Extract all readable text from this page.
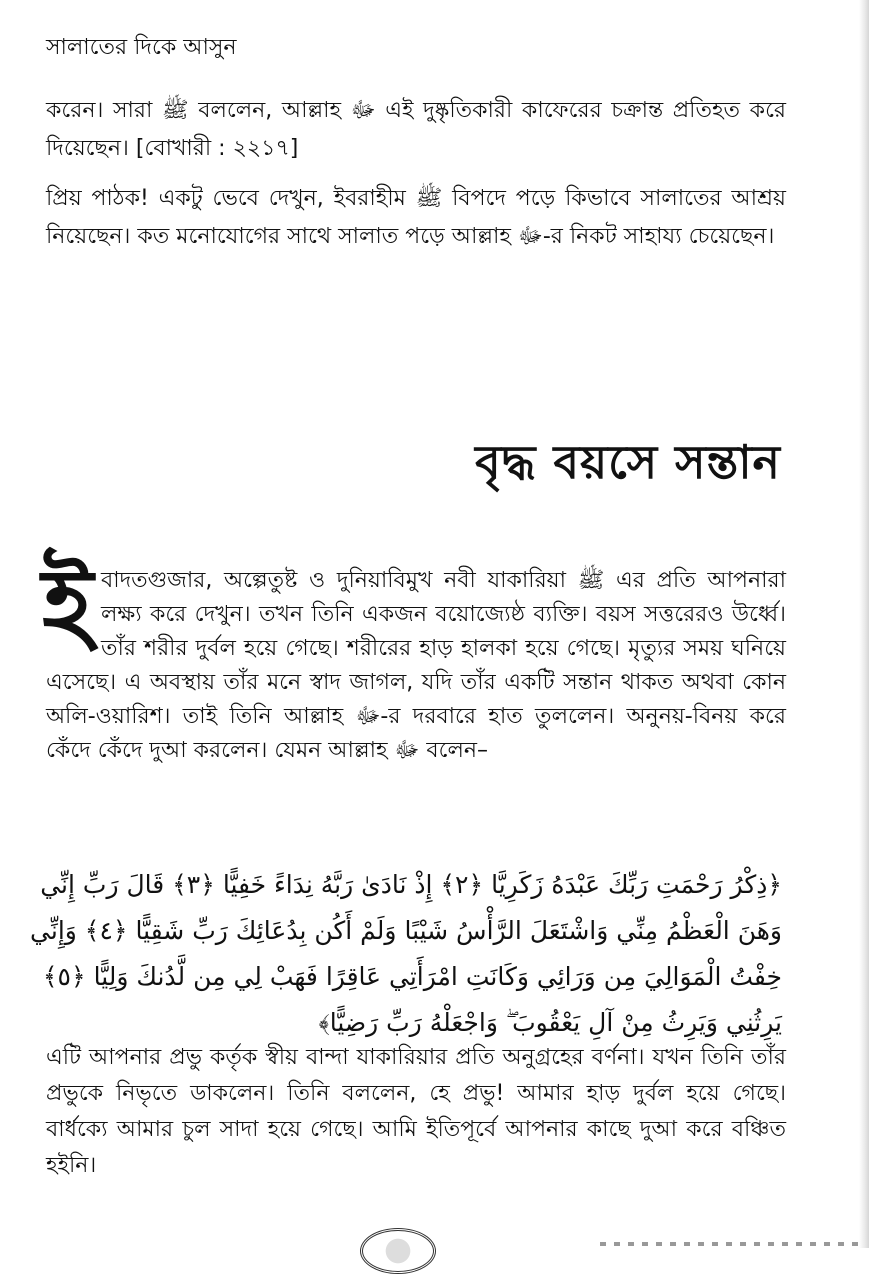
সালাতের দিকে আসুন

করেন। সারা ﷺ বললেন, আল্লাহ ﷻ এই দুষ্কৃতিকারী কাফেরের চক্রান্ত প্রতিহত করে দিয়েছেন। [বোখারী : ২২১৭]

প্রিয় পাঠক! একটু ভেবে দেখুন, ইবরাহীম ﷺ বিপদে পড়ে কিভাবে সালাতের আশ্রয় নিয়েছেন। কত মনোযোগের সাথে সালাত পড়ে আল্লাহ ﷻ-র নিকট সাহায্য চেয়েছেন।

বৃদ্ধ বয়সে সন্তান
ই বাদতগুজার, অল্পেতুষ্ট ও দুনিয়াবিমুখ নবী যাকারিয়া ﷺ এর প্রতি আপনারা লক্ষ্য করে দেখুন। তখন তিনি একজন বয়োজ্যেষ্ঠ ব্যক্তি। বয়স সত্তরেরও উর্ধ্বে। তাঁর শরীর দুর্বল হয়ে গেছে। শরীরের হাড় হালকা হয়ে গেছে। মৃত্যুর সময় ঘনিয়ে এসেছে। এ অবস্থায় তাঁর মনে স্বাদ জাগল, যদি তাঁর একটি সন্তান থাকত অথবা কোন অলি-ওয়ারিশ। তাই তিনি আল্লাহ ﷻ-র দরবারে হাত তুললেন। অনুনয়-বিনয় করে কেঁদে কেঁদে দুআ করলেন। যেমন আল্লাহ ﷻ বলেন–
﴿ذِكْرُ رَحْمَتِ رَبِّكَ عَبْدَهُ زَكَرِيَّا ﴿٢﴾ إِذْ نَادَىٰ رَبَّهُ نِدَاءً خَفِيًّا ﴿٣﴾ قَالَ رَبِّ إِنِّي
وَهَنَ الْعَظْمُ مِنِّي وَاشْتَعَلَ الرَّأْسُ شَيْبًا وَلَمْ أَكُن بِدُعَائِكَ رَبِّ شَقِيًّا ﴿٤﴾ وَإِنِّي
خِفْتُ الْمَوَالِيَ مِن وَرَائِي وَكَانَتِ امْرَأَتِي عَاقِرًا فَهَبْ لِي مِن لَّدُنكَ وَلِيًّا ﴿٥﴾
يَرِثُنِي وَيَرِثُ مِنْ آلِ يَعْقُوبَ ۖ وَاجْعَلْهُ رَبِّ رَضِيًّا﴾
এটি আপনার প্রভু কর্তৃক স্বীয় বান্দা যাকারিয়ার প্রতি অনুগ্রহের বর্ণনা। যখন তিনি তাঁর প্রভুকে নিভৃতে ডাকলেন। তিনি বললেন, হে প্রভু! আমার হাড় দুর্বল হয়ে গেছে। বার্ধক্যে আমার চুল সাদা হয়ে গেছে। আমি ইতিপূর্বে আপনার কাছে দুআ করে বঞ্চিত হইনি।
